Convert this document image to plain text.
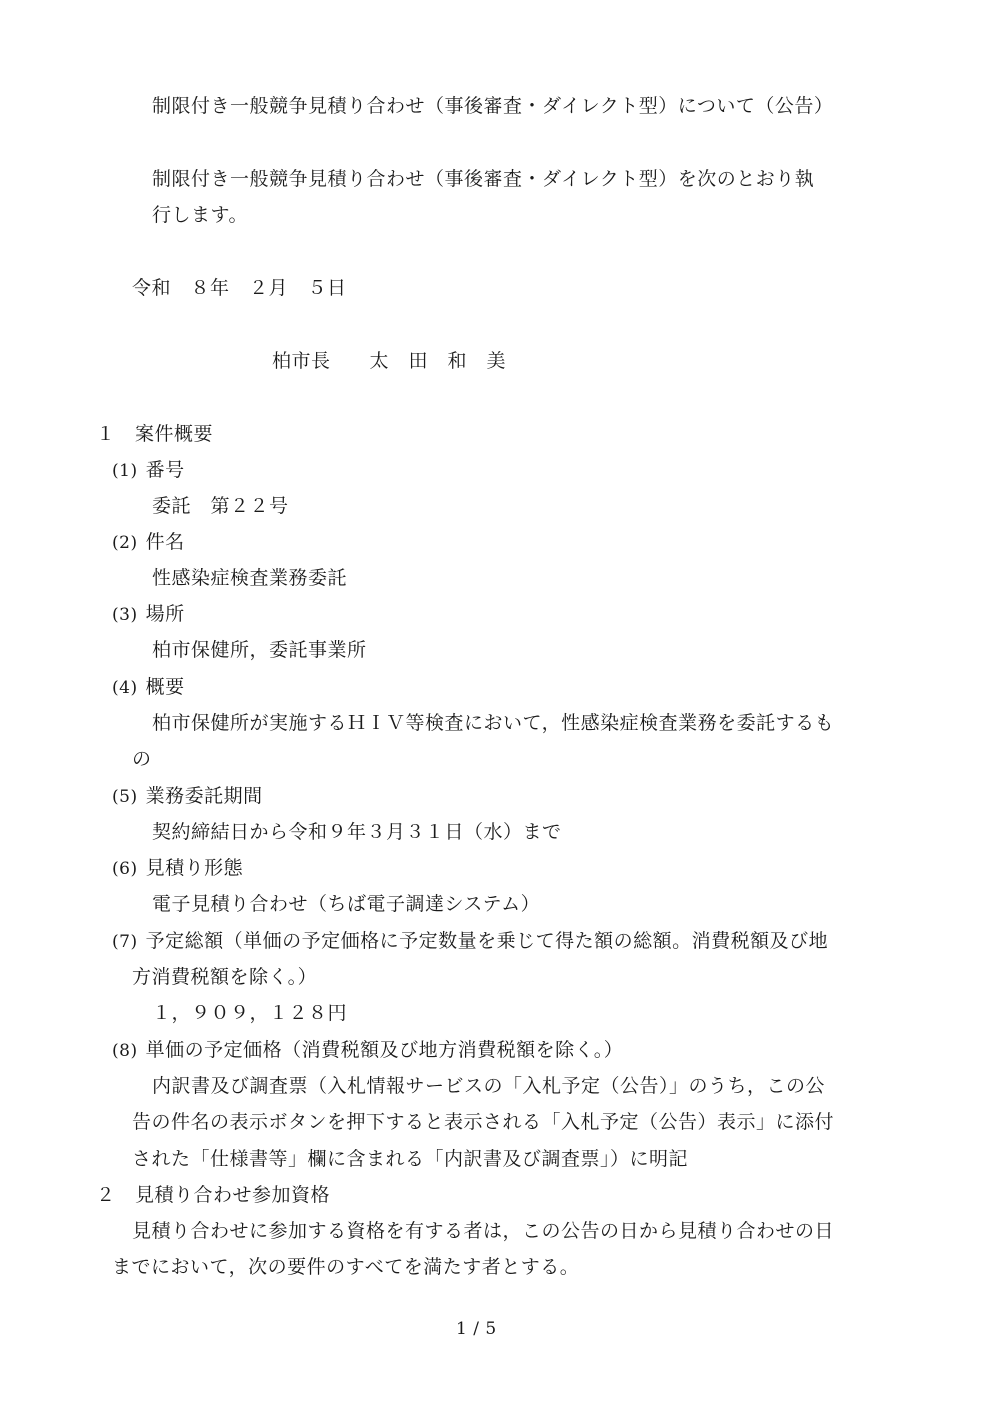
制限付き一般競争見積り合わせ（事後審査・ダイレクト型）について（公告）
制限付き一般競争見積り合わせ（事後審査・ダイレクト型）を次のとおり執
行します。
令和　８年　２月　５日
柏市長　　太　田　和　美
１　案件概要
(1) 番号
委託　第２２号
(2) 件名
性感染症検査業務委託
(3) 場所
柏市保健所，委託事業所
(4) 概要
柏市保健所が実施するＨＩＶ等検査において，性感染症検査業務を委託するも
の
(5) 業務委託期間
契約締結日から令和９年３月３１日（水）まで
(6) 見積り形態
電子見積り合わせ（ちば電子調達システム）
(7) 予定総額（単価の予定価格に予定数量を乗じて得た額の総額。消費税額及び地
方消費税額を除く。）
１，９０９，１２８円
(8) 単価の予定価格（消費税額及び地方消費税額を除く。）
内訳書及び調査票（入札情報サービスの「入札予定（公告）」のうち，この公
告の件名の表示ボタンを押下すると表示される「入札予定（公告）表示」に添付
された「仕様書等」欄に含まれる「内訳書及び調査票」）に明記
２　見積り合わせ参加資格
見積り合わせに参加する資格を有する者は，この公告の日から見積り合わせの日
までにおいて，次の要件のすべてを満たす者とする。
1 / 5
